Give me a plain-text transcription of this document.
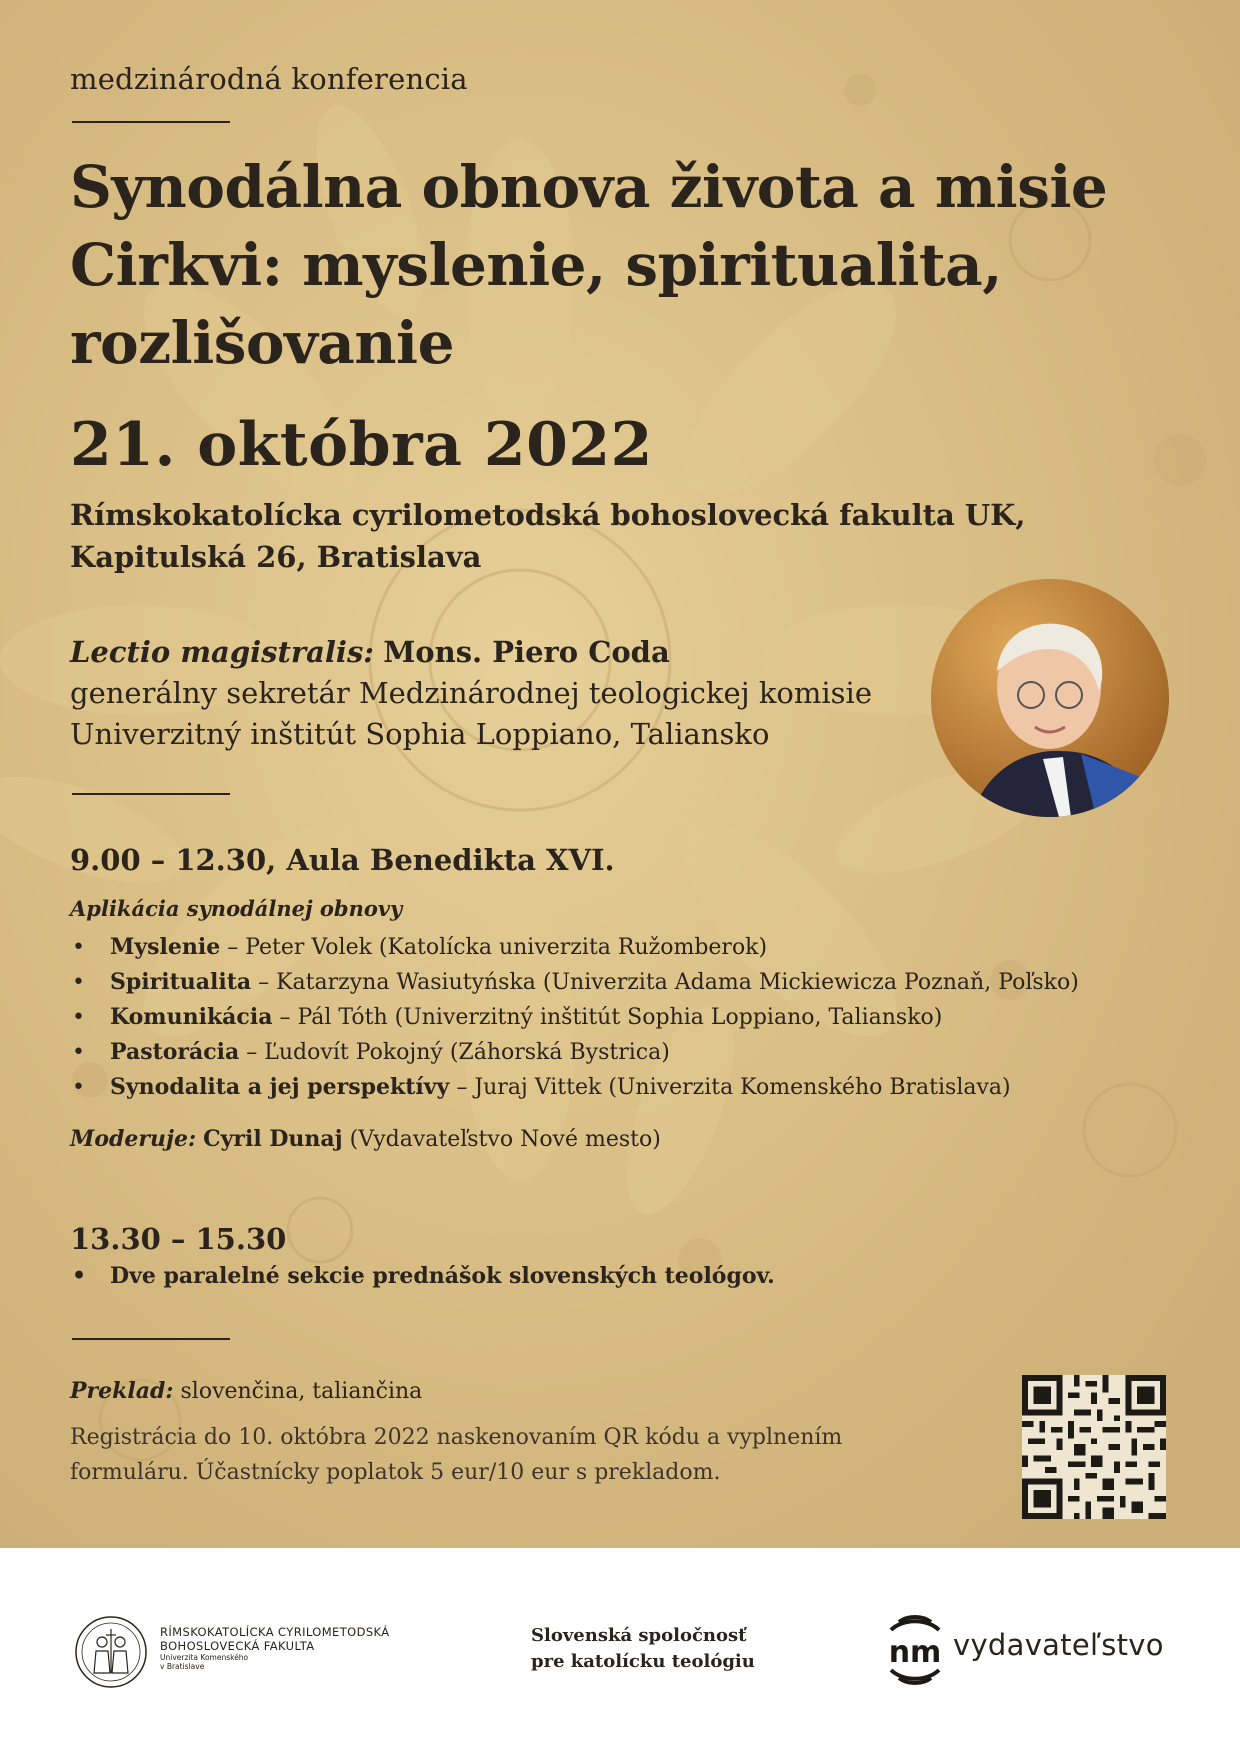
medzinárodná konferencia
Synodálna obnova života a misie
Cirkvi: myslenie, spiritualita,
rozlišovanie
21. októbra 2022
Rímskokatolícka cyrilometodská bohoslovecká fakulta UK,
Kapitulská 26, Bratislava
Lectio magistralis: Mons. Piero Coda
generálny sekretár Medzinárodnej teologickej komisie
Univerzitný inštitút Sophia Loppiano, Taliansko
9.00 – 12.30, Aula Benedikta XVI.
Aplikácia synodálnej obnovy
• Myslenie – Peter Volek (Katolícka univerzita Ružomberok)
• Spiritualita – Katarzyna Wasiutyńska (Univerzita Adama Mickiewicza Poznaň, Poľsko)
• Komunikácia – Pál Tóth (Univerzitný inštitút Sophia Loppiano, Taliansko)
• Pastorácia – Ľudovít Pokojný (Záhorská Bystrica)
• Synodalita a jej perspektívy – Juraj Vittek (Univerzita Komenského Bratislava)
Moderuje: Cyril Dunaj (Vydavateľstvo Nové mesto)
13.30 – 15.30
• Dve paralelné sekcie prednášok slovenských teológov.
Preklad: slovenčina, taliančina
Registrácia do 10. októbra 2022 naskenovaním QR kódu a vyplnením
formuláru. Účastnícky poplatok 5 eur/10 eur s prekladom.
RÍMSKOKATOLÍCKA CYRILOMETODSKÁ
BOHOSLOVECKÁ FAKULTA
Univerzita Komenského
v Bratislave
Slovenská spoločnosť
pre katolícku teológiu	nm vydavateľstvo
